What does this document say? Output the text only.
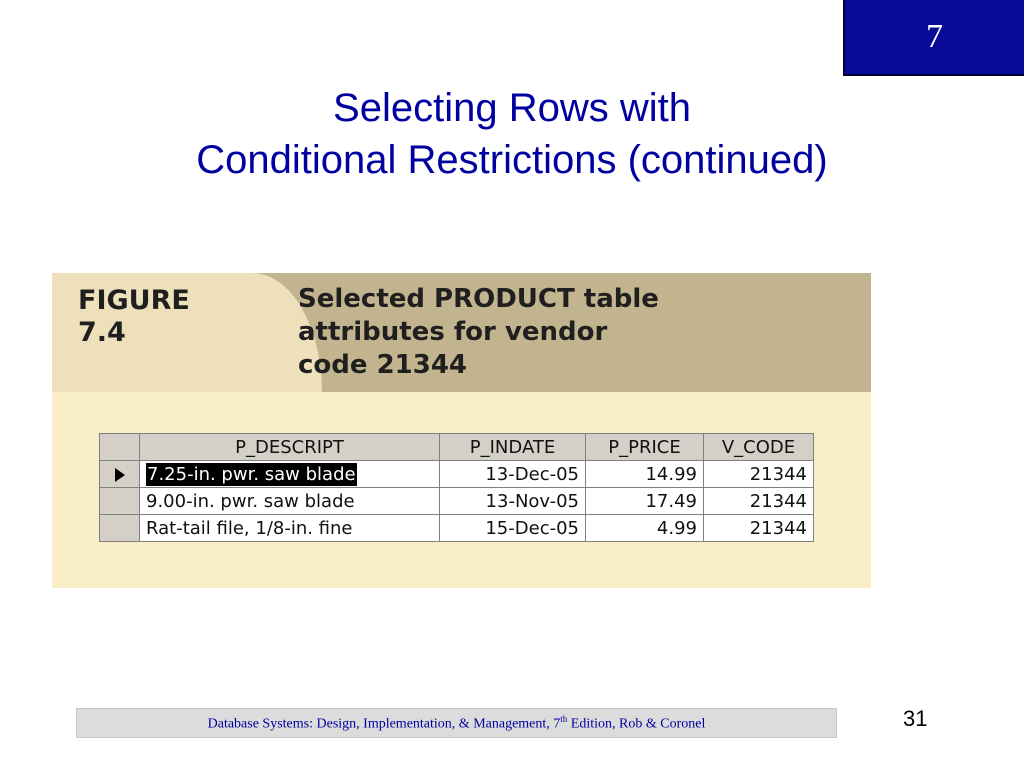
7
Selecting Rows with
Conditional Restrictions (continued)
FIGURE
7.4
Selected PRODUCT table
attributes for vendor
code 21344
	P_DESCRIPT	P_INDATE	P_PRICE	V_CODE
	7.25-in. pwr. saw blade	13-Dec-05	14.99	21344
	9.00-in. pwr. saw blade	13-Nov-05	17.49	21344
	Rat-tail file, 1/8-in. fine	15-Dec-05	4.99	21344
Database Systems: Design, Implementation, & Management, 7th Edition, Rob & Coronel	31
